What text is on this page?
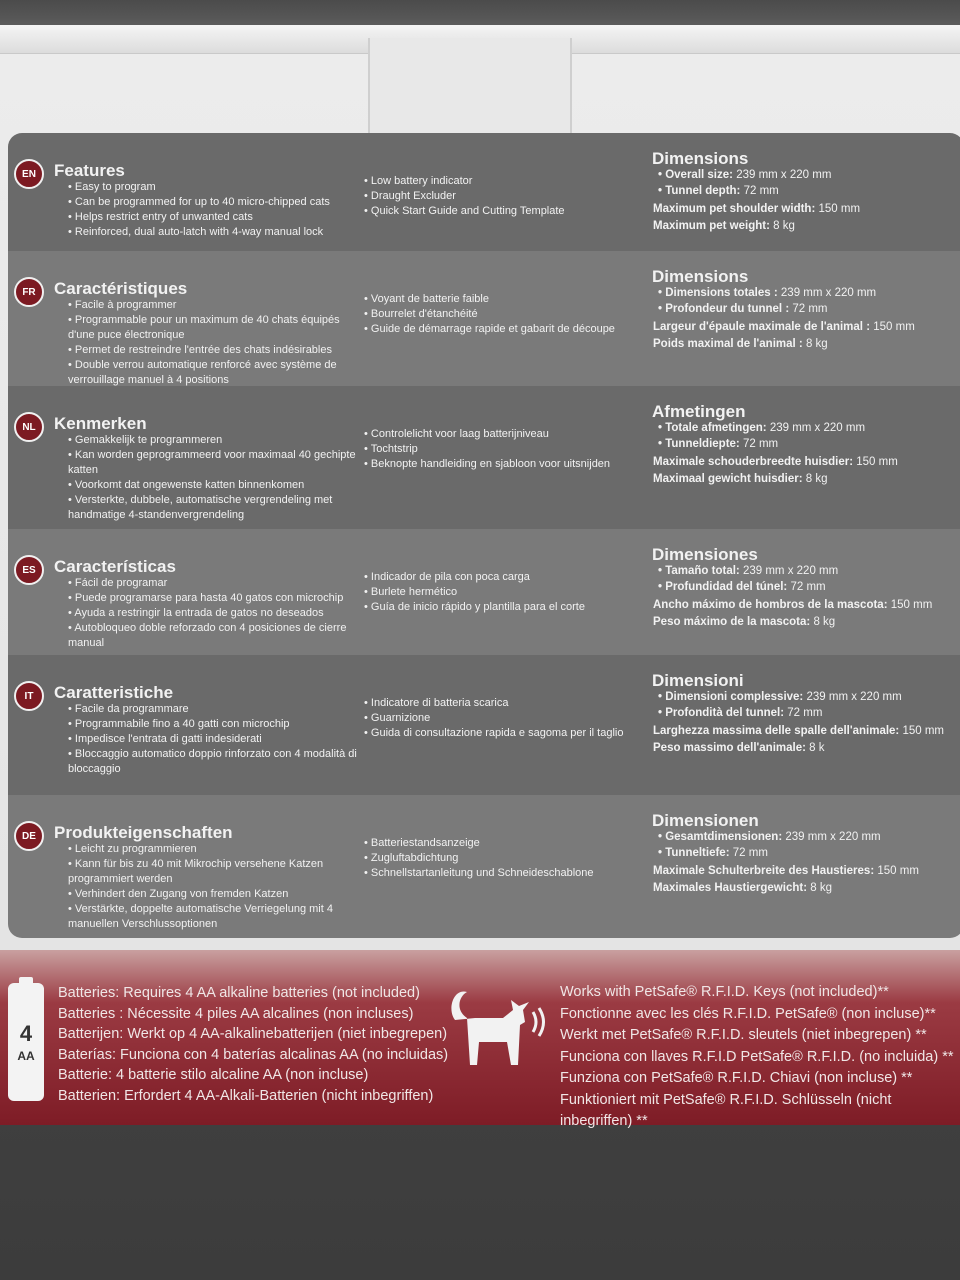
EN	Features
• Easy to program
• Can be programmed for up to 40 micro-chipped cats
• Helps restrict entry of unwanted cats
• Reinforced, dual auto-latch with 4-way manual lock
• Low battery indicator
• Draught Excluder
• Quick Start Guide and Cutting Template
Dimensions
• Overall size: 239 mm x 220 mm
• Tunnel depth: 72 mm
Maximum pet shoulder width: 150 mm
Maximum pet weight: 8 kg
FR	Caractéristiques
• Facile à programmer
• Programmable pour un maximum de 40 chats équipés d'une puce électronique
• Permet de restreindre l'entrée des chats indésirables
• Double verrou automatique renforcé avec système de verrouillage manuel à 4 positions
• Voyant de batterie faible
• Bourrelet d'étanchéité
• Guide de démarrage rapide et gabarit de découpe
Dimensions
• Dimensions totales : 239 mm x 220 mm
• Profondeur du tunnel : 72 mm
Largeur d'épaule maximale de l'animal : 150 mm
Poids maximal de l'animal : 8 kg
NL	Kenmerken
• Gemakkelijk te programmeren
• Kan worden geprogrammeerd voor maximaal 40 gechipte katten
• Voorkomt dat ongewenste katten binnenkomen
• Versterkte, dubbele, automatische vergrendeling met handmatige 4-standenvergrendeling
• Controlelicht voor laag batterijniveau
• Tochtstrip
• Beknopte handleiding en sjabloon voor uitsnijden
Afmetingen
• Totale afmetingen: 239 mm x 220 mm
• Tunneldiepte: 72 mm
Maximale schouderbreedte huisdier: 150 mm
Maximaal gewicht huisdier: 8 kg
ES	Características
• Fácil de programar
• Puede programarse para hasta 40 gatos con microchip
• Ayuda a restringir la entrada de gatos no deseados
• Autobloqueo doble reforzado con 4 posiciones de cierre manual
• Indicador de pila con poca carga
• Burlete hermético
• Guía de inicio rápido y plantilla para el corte
Dimensiones
• Tamaño total: 239 mm x 220 mm
• Profundidad del túnel: 72 mm
Ancho máximo de hombros de la mascota: 150 mm
Peso máximo de la mascota: 8 kg
IT	Caratteristiche
• Facile da programmare
• Programmabile fino a 40 gatti con microchip
• Impedisce l'entrata di gatti indesiderati
• Bloccaggio automatico doppio rinforzato con 4 modalità di bloccaggio
• Indicatore di batteria scarica
• Guarnizione
• Guida di consultazione rapida e sagoma per il taglio
Dimensioni
• Dimensioni complessive: 239 mm x 220 mm
• Profondità del tunnel: 72 mm
Larghezza massima delle spalle dell'animale: 150 mm
Peso massimo dell'animale: 8 k
DE	Produkteigenschaften
• Leicht zu programmieren
• Kann für bis zu 40 mit Mikrochip versehene Katzen programmiert werden
• Verhindert den Zugang von fremden Katzen
• Verstärkte, doppelte automatische Verriegelung mit 4 manuellen Verschlussoptionen
• Batteriestandsanzeige
• Zugluftabdichtung
• Schnellstartanleitung und Schneideschablone
Dimensionen
• Gesamtdimensionen: 239 mm x 220 mm
• Tunneltiefe: 72 mm
Maximale Schulterbreite des Haustieres: 150 mm
Maximales Haustiergewicht: 8 kg
4
AA
Batteries: Requires 4 AA alkaline batteries (not included)
Batteries : Nécessite 4 piles AA alcalines (non incluses)
Batterijen: Werkt op 4 AA-alkalinebatterijen (niet inbegrepen)
Baterías: Funciona con 4 baterías alcalinas AA (no incluidas)
Batterie: 4 batterie stilo alcaline AA (non incluse)
Batterien: Erfordert 4 AA-Alkali-Batterien (nicht inbegriffen)
Works with PetSafe® R.F.I.D. Keys (not included)**
Fonctionne avec les clés R.F.I.D. PetSafe® (non incluse)**
Werkt met PetSafe® R.F.I.D. sleutels (niet inbegrepen) **
Funciona con llaves R.F.I.D PetSafe® R.F.I.D. (no incluida) **
Funziona con PetSafe® R.F.I.D. Chiavi (non incluse) **
Funktioniert mit PetSafe® R.F.I.D. Schlüsseln (nicht inbegriffen) **
